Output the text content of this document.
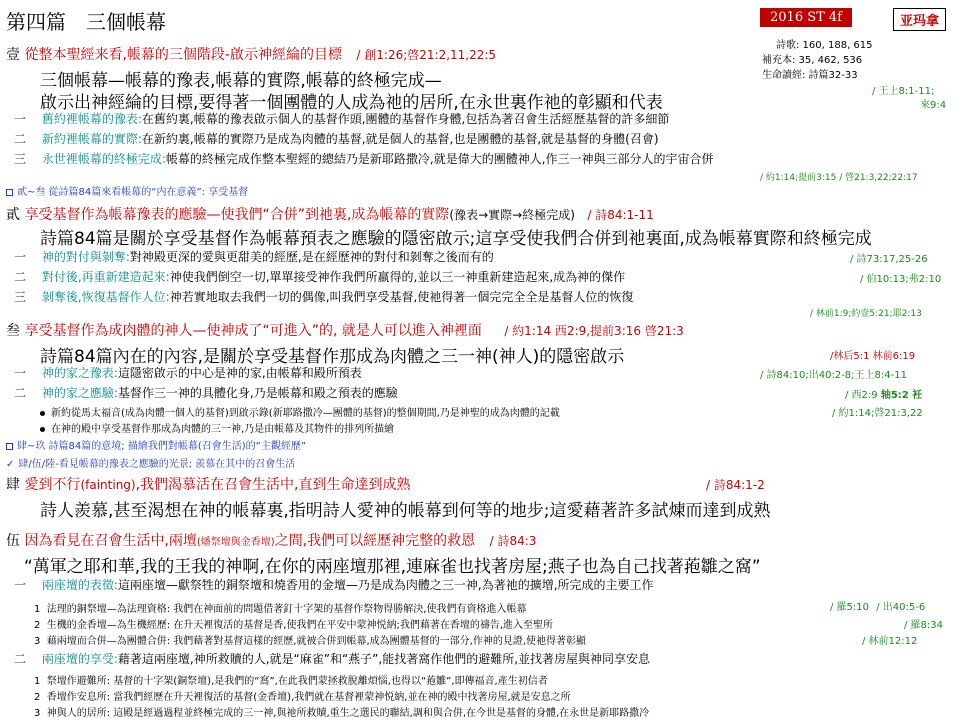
第四篇　三個帳幕	2016 ST 4f	亚玛拿
詩歌: 160, 188, 615
補充本: 35, 462, 536
生命讀經: 詩篇32-33
/ 王上8:1-11;
來9:4
壹 從整本聖經来看,帳幕的三個階段-啟示神經綸的目標 / 創1:26;啓21:2,11,22:5
三個帳幕—帳幕的豫表,帳幕的實際,帳幕的終極完成—
啟示出神經綸的目標,要得著一個團體的人成為祂的居所,在永世裏作祂的彰顯和代表
一 舊約裡帳幕的豫表:在舊約裏,帳幕的豫表啟示個人的基督作頭,團體的基督作身體,包括為著召會生活經歷基督的許多細節
二 新約裡帳幕的實際:在新約裏,帳幕的實際乃是成為肉體的基督,就是個人的基督,也是團體的基督,就是基督的身體(召會)
三 永世裡帳幕的終極完成:帳幕的終極完成作整本聖經的總結乃是新耶路撒冷,就是偉大的團體神人,作三一神與三部分人的宇宙合併
/ 約1:14;提前3:15 / 啓21:3,22;22:17
貳~叁 從詩篇84篇來看帳幕的“内在意義”: 享受基督
貳 享受基督作為帳幕豫表的應驗—使我們“合併”到祂裏,成為帳幕的實際(豫表→實際→終極完成) / 詩84:1-11
詩篇84篇是關於享受基督作為帳幕預表之應驗的隱密啟示;這享受使我們合併到祂裏面,成為帳幕實際和終極完成
一 神的對付與剝奪:對神殿更深的愛與更甜美的經歷,是在經歷神的對付和剝奪之後而有的	/ 詩73:17,25-26
二 對付後,再重新建造起來:神使我們倒空一切,單單接受神作我們所羸得的,並以三一神重新建造起來,成為神的傑作	/ 伯10:13;弗2:10
三 剝奪後,恢復基督作人位:神若實地取去我們一切的偶像,叫我們享受基督,使祂得著一個完完全全是基督人位的恢復
/ 林前1:9;約壹5:21;耶2:13
叁 享受基督作為成肉體的神人—使神成了“可進入”的, 就是人可以進入神裡面 / 約1:14 西2:9,提前3:16 啓21:3
詩篇84篇內在的內容,是關於享受基督作那成為肉體之三一神(神人)的隱密啟示	/林后5:1 林前6:19
一 神的家之豫表:這隱密啟示的中心是神的家,由帳幕和殿所預表	/ 詩84:10;出40:2-8;王上8:4-11
二 神的家之應驗:基督作三一神的具體化身,乃是帳幕和殿之預表的應驗	/ 西2:9 轴5:2 衽
新約從馬太福音(成為肉體一個人的基督)到啟示錄(新耶路撒冷—團體的基督)的整個期間,乃是神聖的成為肉體的記載	/ 約1:14;啓21:3,22
在神的殿中享受基督作那成為肉體的三一神,乃是由帳幕及其物件的排列所描繪
肆~玖 詩篇84篇的意境; 描繪我們對帳幕(召會生活)的“主觀經歷”
✓ 肆/伍/陸-看見帳幕的豫表之應驗的光景; 羨慕在其中的召會生活
肆 愛到不行(fainting),我們渴慕活在召會生活中,直到生命達到成熟	/ 詩84:1-2
詩人羨慕,甚至渴想在神的帳幕裏,指明詩人愛神的帳幕到何等的地步;這愛藉著許多試煉而達到成熟
伍 因為看見在召會生活中,兩壇(燔祭壇與金香壇)之間,我們可以經歷神完整的救恩 / 詩84:3
“萬軍之耶和華,我的王我的神啊,在你的兩座壇那裡,連麻雀也找著房屋;燕子也為自己找著菢雛之窩”
一 兩座壇的表徵:這兩座壇—獻祭牲的銅祭壇和燒香用的金壇—乃是成為肉體之三一神,為著祂的擴增,所完成的主要工作
1 法理的銅祭壇—為法理資格: 我們在神面前的問題借著釘十字架的基督作祭物得勝解決,使我們有資格進入帳幕	/ 羅5:10 / 出40:5-6
2 生機的金香壇—為生機經歷: 在升天裡復活的基督是香,使我們在平安中蒙神悦納;我們藉著在香壇的禱告,進入至聖所	/ 羅8:34
3 藉兩壇而合併—為團體合併: 我們藉著對基督這樣的經歷,就被合併到帳幕,成為團體基督的一部分,作神的見證,使祂得著彰顯	/ 林前12:12
二 兩座壇的享受:藉著這兩座壇,神所救贖的人,就是“麻雀”和“燕子”,能找著窩作他們的避難所,並找著房屋與神同享安息
1 祭壇作避難所: 基督的十字架(銅祭壇),是我們的“窩”,在此我們蒙拯救脫離煩惱,也得以“菢雛”,即傳福音,產生初信者
2 香壇作安息所: 當我們經歷在升天裡復活的基督(金香壇),我們就在基督裡蒙神悦納,並在神的殿中找著房屋,就是安息之所
3 神與人的居所: 這殿是經過過程並終極完成的三一神,與祂所救贖,重生之選民的聯結,調和與合併,在今世是基督的身體,在永世是新耶路撒冷
